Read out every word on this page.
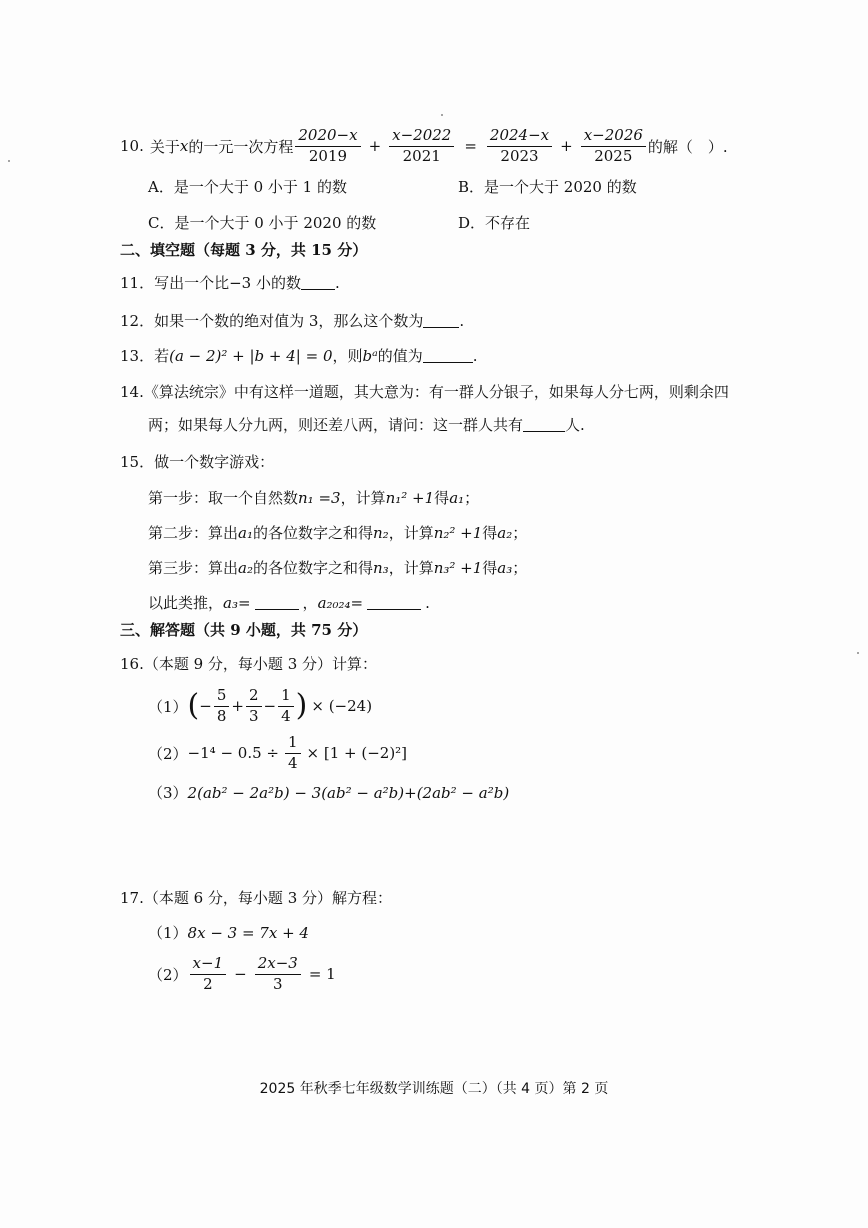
10. 关于 x 的一元一次方程 $\frac{2020-x}{2019} + \frac{x-2022}{2021} = \frac{2024-x}{2023} + \frac{x-2026}{2025}$ 的解（　）.
A．是一个大于 0 小于 1 的数	B．是一个大于 2020 的数
C．是一个大于 0 小于 2020 的数	D．不存在
二、填空题（每题 3 分，共 15 分）
11．写出一个比−3 小的数 .
12．如果一个数的绝对值为 3，那么这个数为 .
13．若 (a − 2)² + |b + 4| = 0 ，则 bᵃ 的值为	.
14.《算法统宗》中有这样一道题，其大意为：有一群人分银子，如果每人分七两，则剩余四
两；如果每人分九两，则还差八两，请问：这一群人共有	人.
15．做一个数字游戏：
第一步：取一个自然数 n₁ =3 ，计算 n₁² +1 得 a₁ ；
第二步：算出 a₁ 的各位数字之和得 n₂ ，计算 n₂² +1 得 a₂ ；
第三步：算出 a₂ 的各位数字之和得 n₃ ，计算 n₃² +1 得 a₃ ；
以此类推， a₃=	， a₂₀₂₄=	.
三、解答题（共 9 小题，共 75 分）
16.（本题 9 分，每小题 3 分）计算：
（1） ( − $\frac{5}{8} + \frac{2}{3} - \frac{1}{4}$ ) × (−24)
$(2) -1^4 - 0.5 \div \frac{1}{4} \times [1 + (-2)^2]$
（3） 2(ab² − 2a²b) − 3(ab² − a²b)+(2ab² − a²b)
17.（本题 6 分，每小题 3 分）解方程：
（1） 8x − 3 = 7x + 4
$(2) \frac{x-1}{2} - \frac{2x-3}{3} = 1$
2025 年秋季七年级数学训练题（二）（共 4 页）第 2 页
